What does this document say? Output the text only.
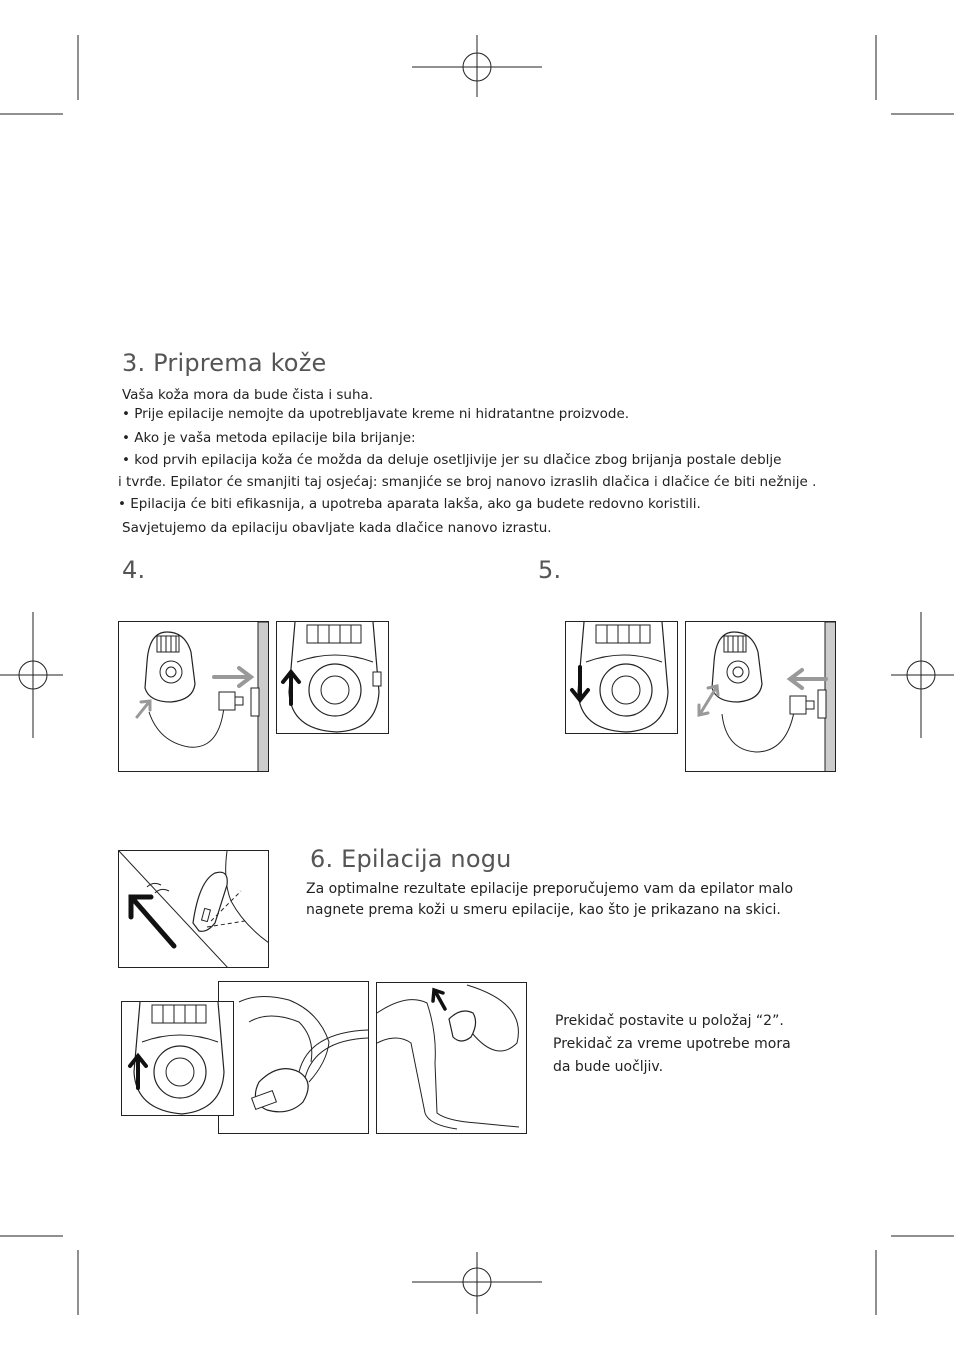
3. Priprema kože
Vaša koža mora da bude čista i suha.
• Prije epilacije nemojte da upotrebljavate kreme ni hidratantne proizvode.
• Ako je vaša metoda epilacije bila brijanje:
• kod prvih epilacija koža će možda da deluje osetljivije jer su dlačice zbog brijanja postale deblje
i tvrđe. Epilator će smanjiti taj osjećaj: smanjiće se broj nanovo izraslih dlačica i dlačice će biti nežnije .
• Epilacija će biti efikasnija, a upotreba aparata lakša, ako ga budete redovno koristili.
Savjetujemo da epilaciju obavljate kada dlačice nanovo izrastu.
4.	5.
6. Epilacija nogu
Za optimalne rezultate epilacije preporučujemo vam da epilator malo nagnete prema koži u smeru epilacije, kao što je prikazano na skici.
Prekidač postavite u položaj “2”.
Prekidač za vreme upotrebe mora
da bude uočljiv.
